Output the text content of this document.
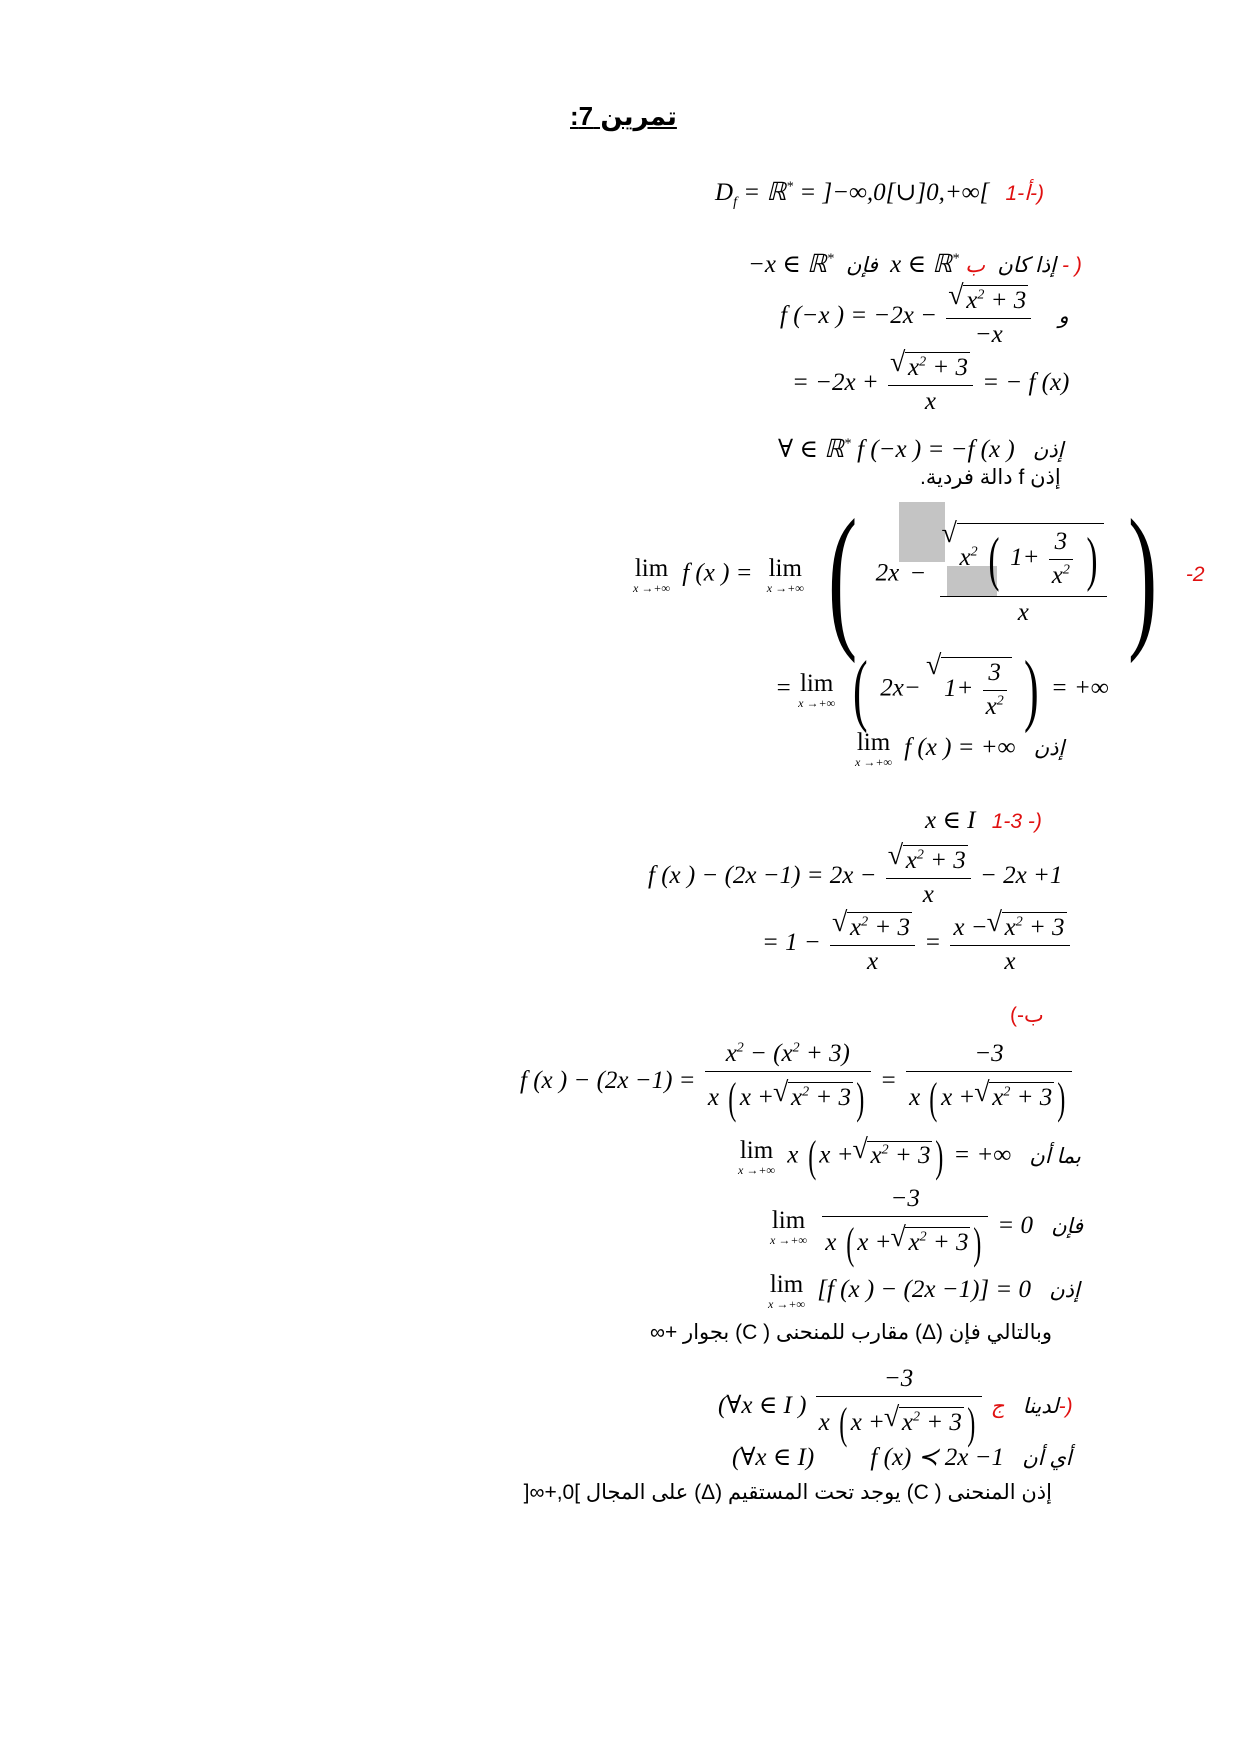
تمرين 7:
$D_f$ = ℝ* = ]−∞,0[∪]0,+∞[ 1-أ-)
−x ∈ ℝ* فإن x ∈ ℝ* إذا كان ب- )
f (−x ) = −2x − √ $\frac{x^2 + 3}{-x}$ و
= −2x + √ $\frac{x^2 + 3}{x}$ = − f (x)
∀ ∈ ℝ* f (−x ) = −f (x ) إذن
إذن f دالة فردية.
lim
x →+∞
f (x ) = lim
x →+∞ ( 2x −
√ $x^2$ ( $1+ \frac{3}{x^2}$ )
x ) -2
= lim
x →+∞ ( 2x− √ $1+ \frac{3}{x^2}$ ) = +∞
lim
x →+∞
f (x ) = +∞ إذن
x ∈ I 1-3 -)
f (x ) − (2x −1) = 2x − √ $\frac{x^2 + 3}{x} - 2x +1$
= 1 − √ $\frac{x^2 + 3}{x} = \frac{x - √ x^2 + 3}{x}$
ب-)
f (x ) − $(2x -1) = \frac{x^2 - (x^2 + 3)}{x ( x + √ x^2 + 3 )} = \frac{-3}{x ( x + √ x^2 + 3 )}$
lim
x →+∞
x ( x + √ $x^2 + 3$ ) = +∞ بما أن
lim
x →+∞
$\frac{-3}{x ( x + √ x^2 + 3 )} = 0$ فإن
lim
x →+∞
[f (x ) − (2x −1)] = 0 إذن
وبالتالي فإن (Δ) مقارب للمنحنى ( C) بجوار +∞
(∀x ∈ I ) $\frac{-3}{x ( x + √ x^2 + 3 )}$ لدينا ج-)
(∀x ∈ I) f (x) ≺ 2x −1 أي أن
إذن المنحنى ( C) يوجد تحت المستقيم (Δ) على المجال ]0,+∞[
